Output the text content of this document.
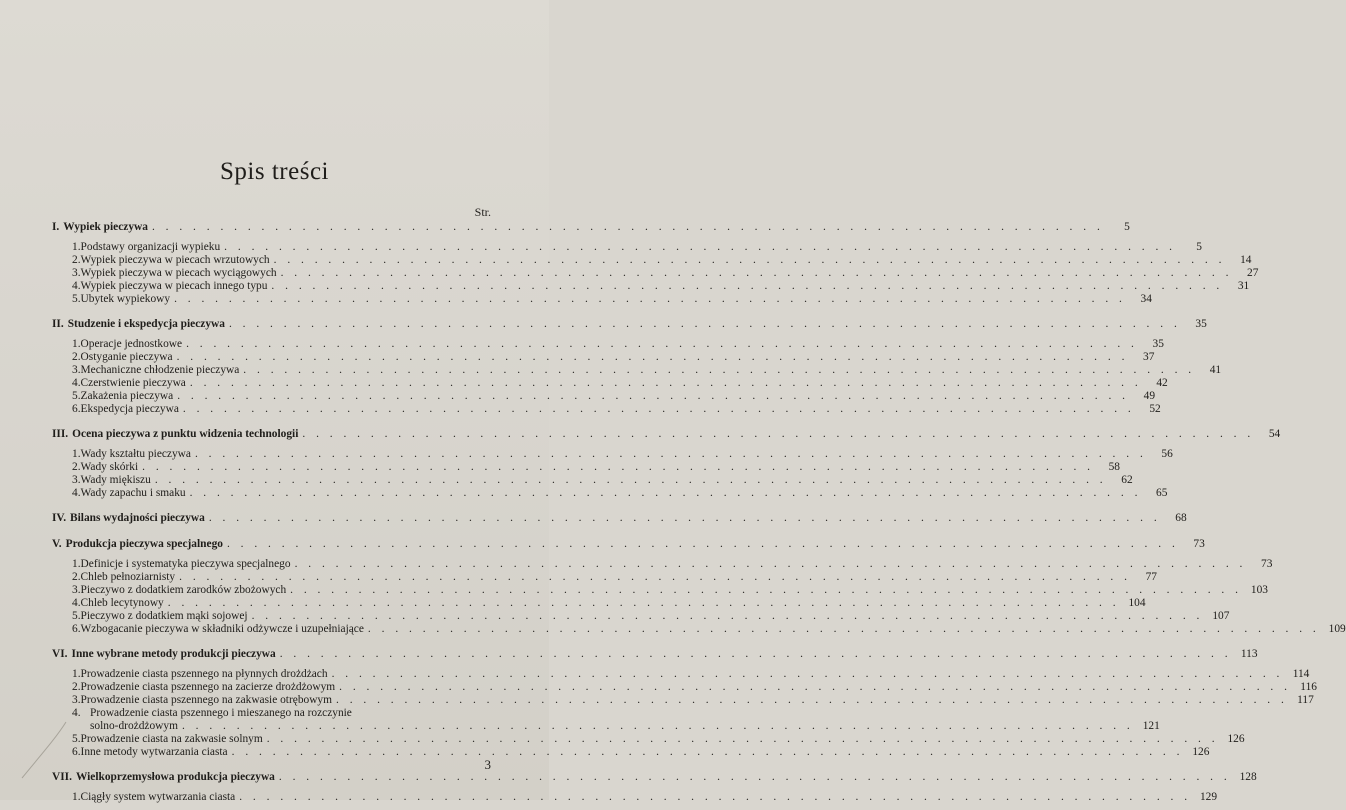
Spis treści
Str.
I. Wypiek pieczywa . . .	5
1. Podstawy organizacji wypieku . . .	5
2. Wypiek pieczywa w piecach wrzutowych . . .	14
3. Wypiek pieczywa w piecach wyciągowych . . .	27
4. Wypiek pieczywa w piecach innego typu . . .	31
5. Ubytek wypiekowy . . .	34
II. Studzenie i ekspedycja pieczywa . . .	35
1. Operacje jednostkowe . . .	35
2. Ostyganie pieczywa . . .	37
3. Mechaniczne chłodzenie pieczywa . . .	41
4. Czerstwienie pieczywa . . .	42
5. Zakażenia pieczywa . . .	49
6. Ekspedycja pieczywa . . .	52
III. Ocena pieczywa z punktu widzenia technologii . . .	54
1. Wady kształtu pieczywa . . .	56
2. Wady skórki . . .	58
3. Wady miękiszu . . .	62
4. Wady zapachu i smaku . . .	65
IV. Bilans wydajności pieczywa . . .	68
V. Produkcja pieczywa specjalnego . . .	73
1. Definicje i systematyka pieczywa specjalnego . . .	73
2. Chleb pełnoziarnisty . . .	77
3. Pieczywo z dodatkiem zarodków zbożowych . . .	103
4. Chleb lecytynowy . . .	104
5. Pieczywo z dodatkiem mąki sojowej . . .	107
6. Wzbogacanie pieczywa w składniki odżywcze i uzupełniające . . .	109
VI. Inne wybrane metody produkcji pieczywa . . .	113
1. Prowadzenie ciasta pszennego na płynnych drożdżach . . .	114
2. Prowadzenie ciasta pszennego na zacierze drożdżowym . . .	116
3. Prowadzenie ciasta pszennego na zakwasie otrębowym . . .	117
4. Prowadzenie ciasta pszennego i mieszanego na rozczynie
solno-drożdżowym . . .	121
5. Prowadzenie ciasta na zakwasie solnym . . .	126
6. Inne metody wytwarzania ciasta . . .	126
VII. Wielkoprzemysłowa produkcja pieczywa . . .	128
1. Ciągły system wytwarzania ciasta . . .	129
3
